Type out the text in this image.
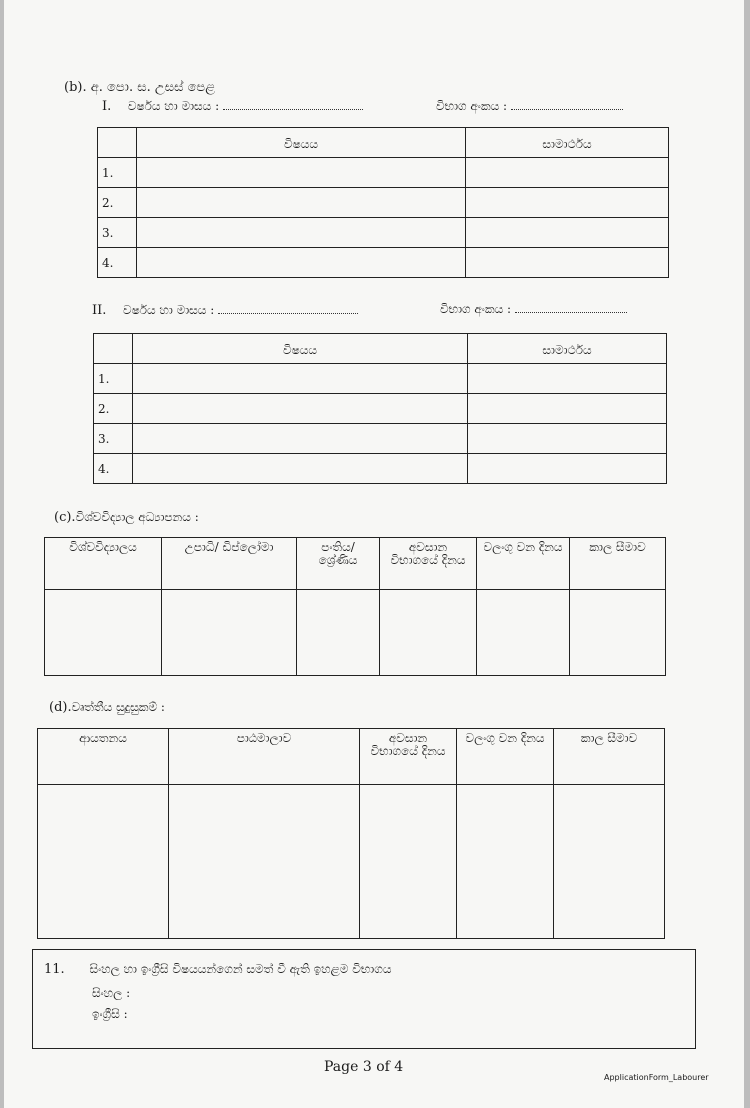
(b). අ. පො. ස. උසස් පෙළ
I. වර්ෂය හා මාසය :	විභාග අංකය :
	විෂයය	සාමාර්ථය
1.		
2.		
3.		
4.		
II. වර්ෂය හා මාසය :	විභාග අංකය :
	විෂයය	සාමාර්ථය
1.		
2.		
3.		
4.		
(c).විශ්වවිද්‍යාල අධ්‍යාපනය :
විශ්වවිද්‍යාලය	උපාධි/ ඩිප්ලෝමා	පංතිය/ ශ්‍රේණිය	අවසාන විභාගයේ දිනය	වලංගු වන දිනය	කාල සීමාව

(d).වෘත්තීය සුදුසුකම් :
ආයතනය	පාඨමාලාව	අවසාන විභාගයේ දිනය	වලංගු වන දිනය	කාල සීමාව

11. සිංහල හා ඉංග්‍රීසි විෂයයන්ගෙන් සමත් වී ඇති ඉහළම විභාගය
සිංහල :
ඉංග්‍රීසි :
Page 3 of 4
ApplicationForm_Labourer
